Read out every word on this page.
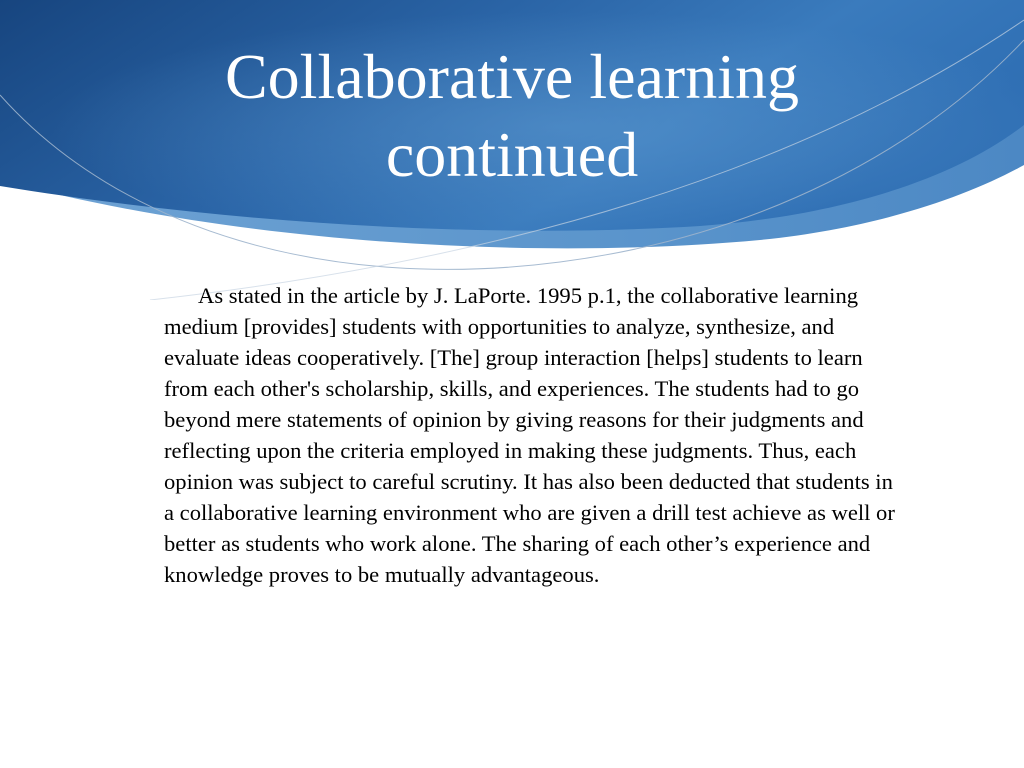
Collaborative learning
continued

As stated in the article by J. LaPorte. 1995 p.1, the collaborative learning medium [provides] students with opportunities to analyze, synthesize, and evaluate ideas cooperatively. [The] group interaction [helps] students to learn from each other's scholarship, skills, and experiences. The students had to go beyond mere statements of opinion by giving reasons for their judgments and reflecting upon the criteria employed in making these judgments. Thus, each opinion was subject to careful scrutiny. It has also been deducted that students in a collaborative learning environment who are given a drill test achieve as well or better as students who work alone. The sharing of each other’s experience and knowledge proves to be mutually advantageous.
